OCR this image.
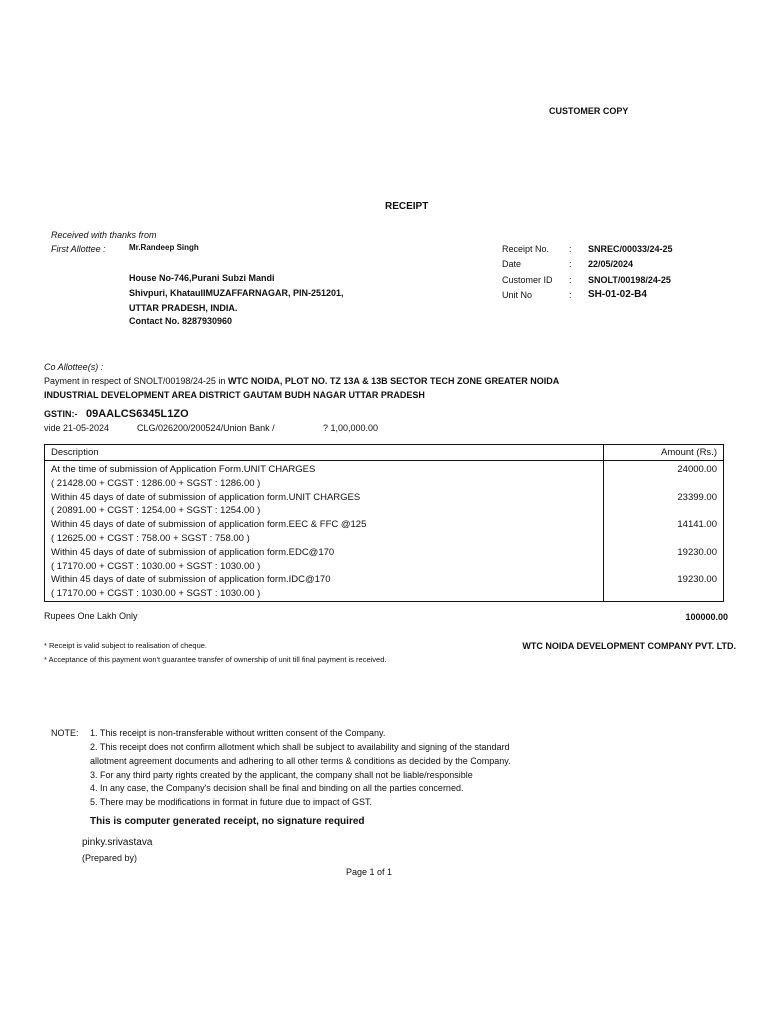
CUSTOMER COPY
RECEIPT
Received with thanks from
First Allottee :	Mr.Randeep Singh
House No-746,Purani Subzi Mandi
Shivpuri, KhataulIMUZAFFARNAGAR, PIN-251201,
UTTAR PRADESH, INDIA.
Contact No. 8287930960
Receipt No. : SNREC/00033/24-25
Date	: 22/05/2024
Customer ID : SNOLT/00198/24-25
Unit No	: SH-01-02-B4
Co Allottee(s) :
Payment in respect of SNOLT/00198/24-25 in WTC NOIDA, PLOT NO. TZ 13A & 13B SECTOR TECH ZONE GREATER NOIDA
INDUSTRIAL DEVELOPMENT AREA DISTRICT GAUTAM BUDH NAGAR UTTAR PRADESH
GSTIN:- 09AALCS6345L1ZO
vide 21-05-2024	CLG/026200/200524/Union Bank /	? 1,00,000.00
Description	Amount (Rs.)
At the time of submission of Application Form.UNIT CHARGES	24000.00
( 21428.00 + CGST : 1286.00 + SGST : 1286.00 )	
Within 45 days of date of submission of application form.UNIT CHARGES	23399.00
( 20891.00 + CGST : 1254.00 + SGST : 1254.00 )	
Within 45 days of date of submission of application form.EEC & FFC @125	14141.00
( 12625.00 + CGST : 758.00 + SGST : 758.00 )	
Within 45 days of date of submission of application form.EDC@170	19230.00
( 17170.00 + CGST : 1030.00 + SGST : 1030.00 )	
Within 45 days of date of submission of application form.IDC@170	19230.00
( 17170.00 + CGST : 1030.00 + SGST : 1030.00 )	
Rupees One Lakh Only	100000.00
* Receipt is valid subject to realisation of cheque.
* Acceptance of this payment won't guarantee transfer of ownership of unit till final payment is received.
WTC NOIDA DEVELOPMENT COMPANY PVT. LTD.
NOTE: 1. This receipt is non-transferable without written consent of the Company.
2. This receipt does not confirm allotment which shall be subject to availability and signing of the standard
allotment agreement documents and adhering to all other terms & conditions as decided by the Company.
3. For any third party rights created by the applicant, the company shall not be liable/responsible
4. In any case, the Company's decision shall be final and binding on all the parties concerned.
5. There may be modifications in format in future due to impact of GST.
This is computer generated receipt, no signature required
pinky.srivastava
(Prepared by)
Page 1 of 1
